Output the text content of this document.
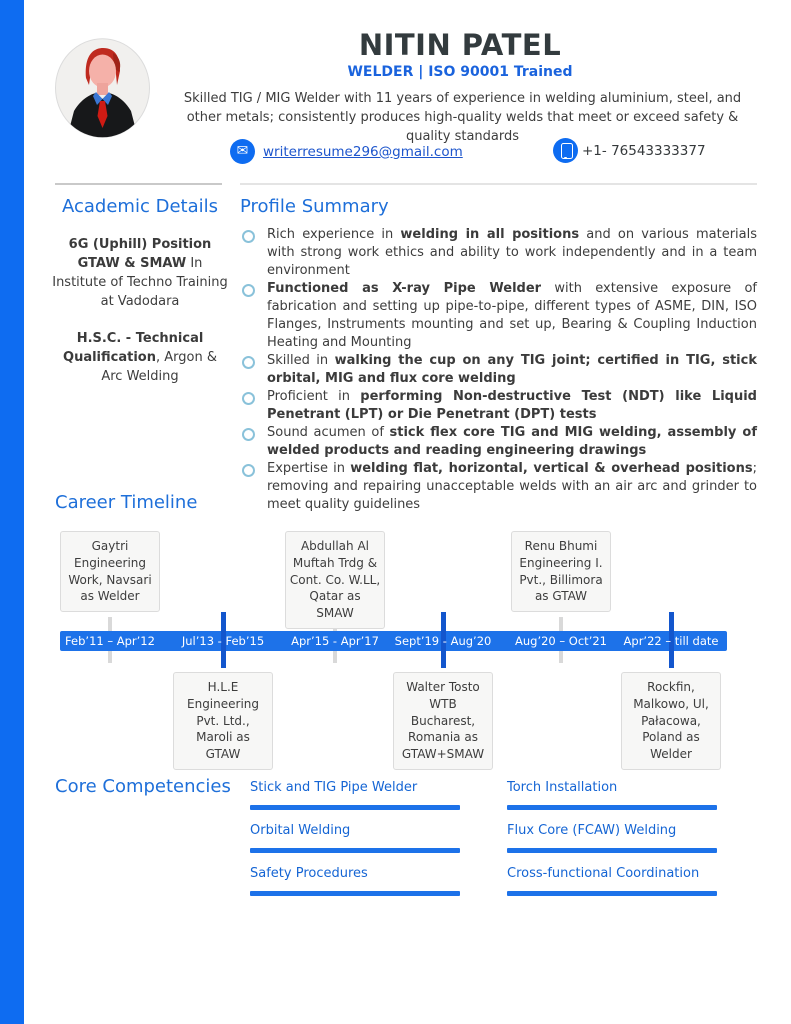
NITIN PATEL
WELDER | ISO 90001 Trained
Skilled TIG / MIG Welder with 11 years of experience in welding aluminium, steel, and other metals; consistently produces high-quality welds that meet or exceed safety & quality standards
✉	writerresume296@gmail.com	+1- 76543333377
Academic Details
6G (Uphill) Position GTAW & SMAW In Institute of Techno Training at Vadodara
H.S.C. - Technical Qualification, Argon & Arc Welding
Profile Summary
Rich experience in welding in all positions and on various materials with strong work ethics and ability to work independently and in a team environment
Functioned as X-ray Pipe Welder with extensive exposure of fabrication and setting up pipe-to-pipe, different types of ASME, DIN, ISO Flanges, Instruments mounting and set up, Bearing & Coupling Induction Heating and Mounting
Skilled in walking the cup on any TIG joint; certified in TIG, stick orbital, MIG and flux core welding
Proficient in performing Non-destructive Test (NDT) like Liquid Penetrant (LPT) or Die Penetrant (DPT) tests
Sound acumen of stick flex core TIG and MIG welding, assembly of welded products and reading engineering drawings
Expertise in welding flat, horizontal, vertical & overhead positions; removing and repairing unacceptable welds with an air arc and grinder to meet quality guidelines
Career Timeline
Feb’11 – Apr’12
Gaytri Engineering Work, Navsari as Welder
Jul’13 - Feb’15
H.L.E Engineering Pvt. Ltd., Maroli as GTAW
Apr’15 - Apr’17
Abdullah Al Muftah Trdg & Cont. Co. W.LL, Qatar as SMAW
Sept’19 - Aug’20
Walter Tosto WTB Bucharest, Romania as GTAW+SMAW
Aug’20 – Oct’21
Renu Bhumi Engineering I. Pvt., Billimora as GTAW
Apr’22 – till date
Rockfin, Malkowo, Ul, Pałacowa, Poland as Welder
Core Competencies Stick and TIG Pipe Welder
Orbital Welding
Safety Procedures
Torch Installation
Flux Core (FCAW) Welding
Cross-functional Coordination
